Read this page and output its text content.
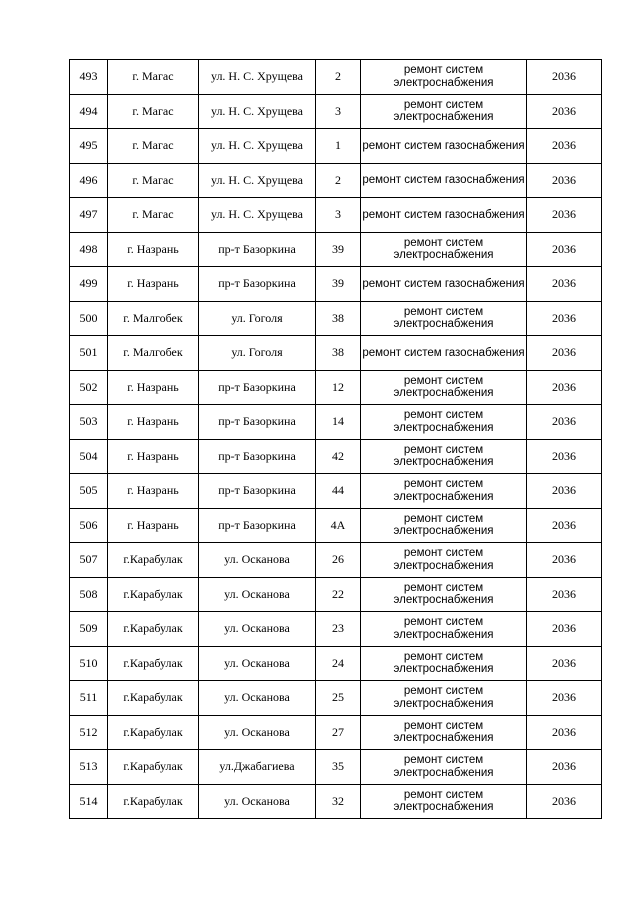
493	г. Магас	ул. Н. С. Хрущева	2	ремонт систем электроснабжения	2036
494	г. Магас	ул. Н. С. Хрущева	3	ремонт систем электроснабжения	2036
495	г. Магас	ул. Н. С. Хрущева	1	ремонт систем газоснабжения	2036
496	г. Магас	ул. Н. С. Хрущева	2	ремонт систем газоснабжения	2036
497	г. Магас	ул. Н. С. Хрущева	3	ремонт систем газоснабжения	2036
498	г. Назрань	пр-т Базоркина	39	ремонт систем электроснабжения	2036
499	г. Назрань	пр-т Базоркина	39	ремонт систем газоснабжения	2036
500	г. Малгобек	ул. Гоголя	38	ремонт систем электроснабжения	2036
501	г. Малгобек	ул. Гоголя	38	ремонт систем газоснабжения	2036
502	г. Назрань	пр-т Базоркина	12	ремонт систем электроснабжения	2036
503	г. Назрань	пр-т Базоркина	14	ремонт систем электроснабжения	2036
504	г. Назрань	пр-т Базоркина	42	ремонт систем электроснабжения	2036
505	г. Назрань	пр-т Базоркина	44	ремонт систем электроснабжения	2036
506	г. Назрань	пр-т Базоркина	4А	ремонт систем электроснабжения	2036
507	г.Карабулак	ул. Осканова	26	ремонт систем электроснабжения	2036
508	г.Карабулак	ул. Осканова	22	ремонт систем электроснабжения	2036
509	г.Карабулак	ул. Осканова	23	ремонт систем электроснабжения	2036
510	г.Карабулак	ул. Осканова	24	ремонт систем электроснабжения	2036
511	г.Карабулак	ул. Осканова	25	ремонт систем электроснабжения	2036
512	г.Карабулак	ул. Осканова	27	ремонт систем электроснабжения	2036
513	г.Карабулак	ул.Джабагиева	35	ремонт систем электроснабжения	2036
514	г.Карабулак	ул. Осканова	32	ремонт систем электроснабжения	2036
